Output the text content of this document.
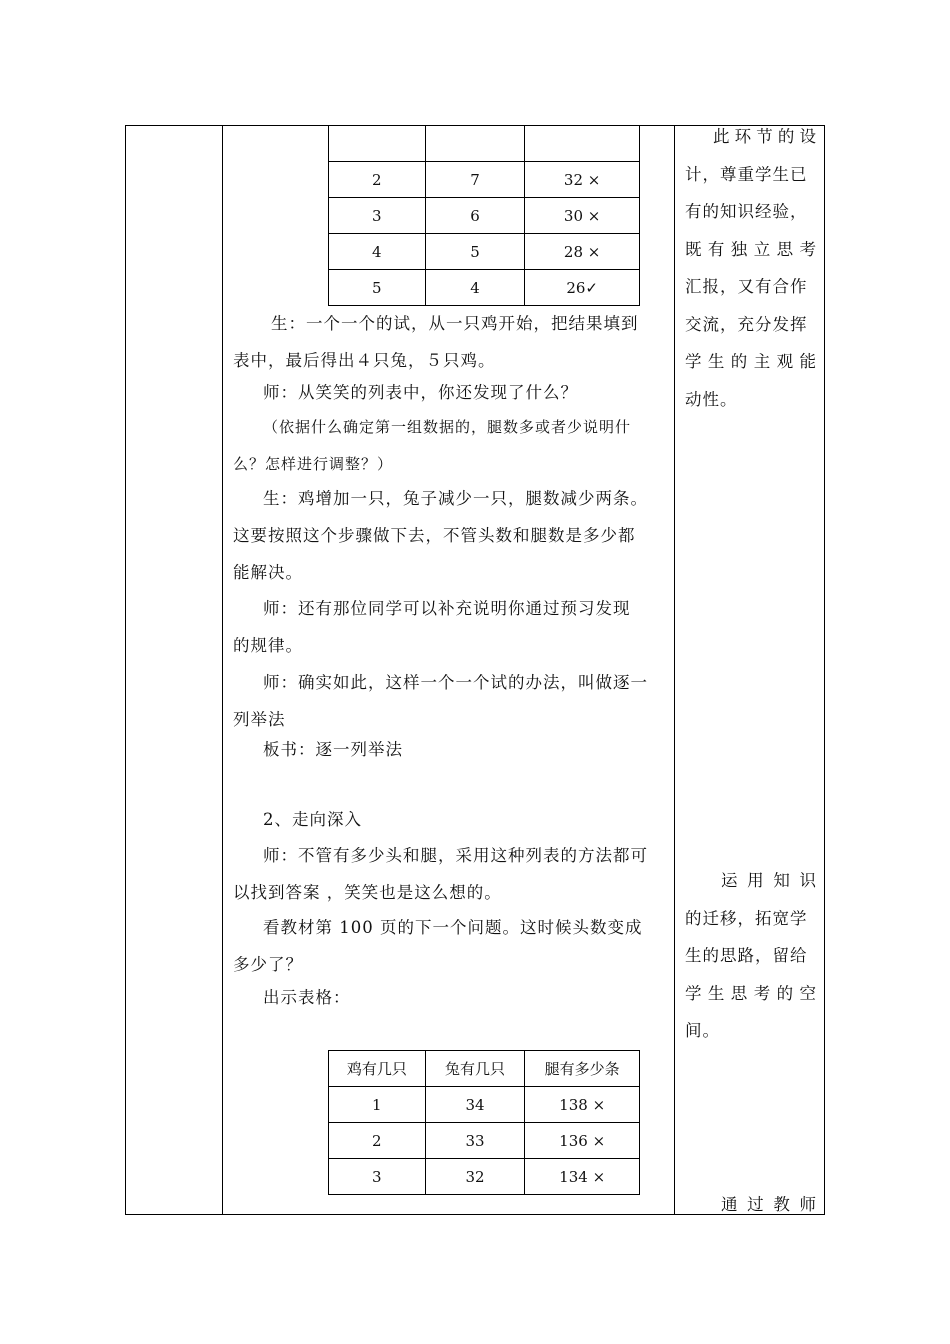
2	7	32 ×
3	6	30 ×
4	5	28 ×
5	4	26✓
生：一个一个的试，从一只鸡开始，把结果填到
表中，最后得出４只兔，５只鸡。
师：从笑笑的列表中，你还发现了什么？
（依据什么确定第一组数据的，腿数多或者少说明什
么？怎样进行调整？）
生：鸡增加一只，兔子减少一只，腿数减少两条。
这要按照这个步骤做下去，不管头数和腿数是多少都
能解决。
师：还有那位同学可以补充说明你通过预习发现
的规律。
师：确实如此，这样一个一个试的办法，叫做逐一
列举法
板书：逐一列举法
2、走向深入
师：不管有多少头和腿，采用这种列表的方法都可
以找到答案 ，笑笑也是这么想的。
看教材第 100 页的下一个问题。这时候头数变成
多少了？
出示表格：
鸡有几只	兔有几只	腿有多少条
1	34	138 ×
2	33	136 ×
3	32	134 ×
此环节的设
计，尊重学生已
有的知识经验，
既有独立思考
汇报，又有合作
交流，充分发挥
学生的主观能
动性。
运用知识
的迁移，拓宽学
生的思路，留给
学生思考的空
间。
通过教师
